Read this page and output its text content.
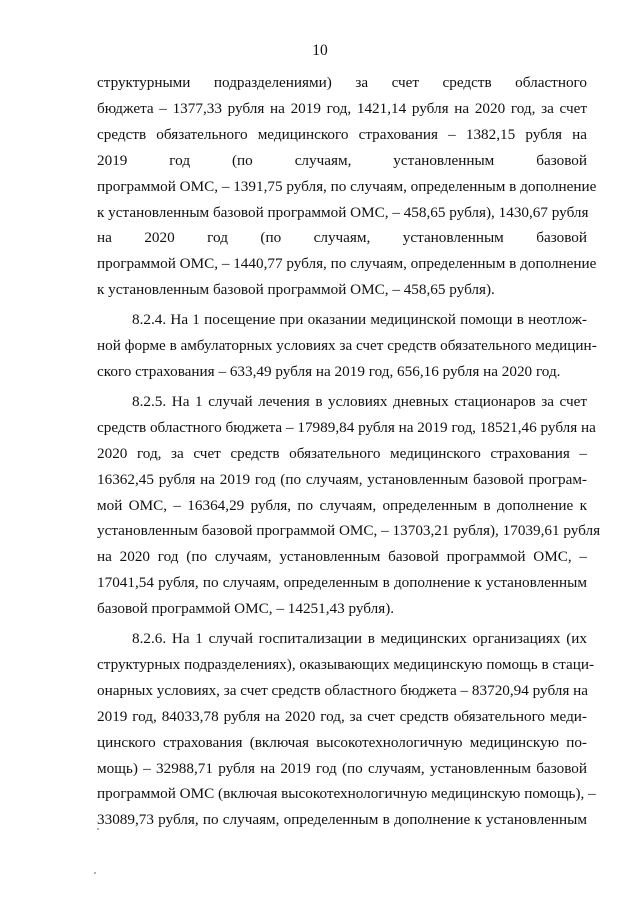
10

структурными подразделениями) за счет средств областного
бюджета – 1377,33 рубля на 2019 год, 1421,14 рубля на 2020 год, за счет
средств обязательного медицинского страхования – 1382,15 рубля на
2019 год (по случаям, установленным базовой
программой ОМС, – 1391,75 рубля, по случаям, определенным в дополнение
к установленным базовой программой ОМС, – 458,65 рубля), 1430,67 рубля
на 2020 год (по случаям, установленным базовой
программой ОМС, – 1440,77 рубля, по случаям, определенным в дополнение
к установленным базовой программой ОМС, – 458,65 рубля).

8.2.4. На 1 посещение при оказании медицинской помощи в неотлож-
ной форме в амбулаторных условиях за счет средств обязательного медицин-
ского страхования – 633,49 рубля на 2019 год, 656,16 рубля на 2020 год.

8.2.5. На 1 случай лечения в условиях дневных стационаров за счет
средств областного бюджета – 17989,84 рубля на 2019 год, 18521,46 рубля на
2020 год, за счет средств обязательного медицинского страхования –
16362,45 рубля на 2019 год (по случаям, установленным базовой програм-
мой ОМС, – 16364,29 рубля, по случаям, определенным в дополнение к
установленным базовой программой ОМС, – 13703,21 рубля), 17039,61 рубля
на 2020 год (по случаям, установленным базовой программой ОМС, –
17041,54 рубля, по случаям, определенным в дополнение к установленным
базовой программой ОМС, – 14251,43 рубля).

8.2.6. На 1 случай госпитализации в медицинских организациях (их
структурных подразделениях), оказывающих медицинскую помощь в стаци-
онарных условиях, за счет средств областного бюджета – 83720,94 рубля на
2019 год, 84033,78 рубля на 2020 год, за счет средств обязательного меди-
цинского страхования (включая высокотехнологичную медицинскую по-
мощь) – 32988,71 рубля на 2019 год (по случаям, установленным базовой
программой ОМС (включая высокотехнологичную медицинскую помощь), –
33089,73 рубля, по случаям, определенным в дополнение к установленным
